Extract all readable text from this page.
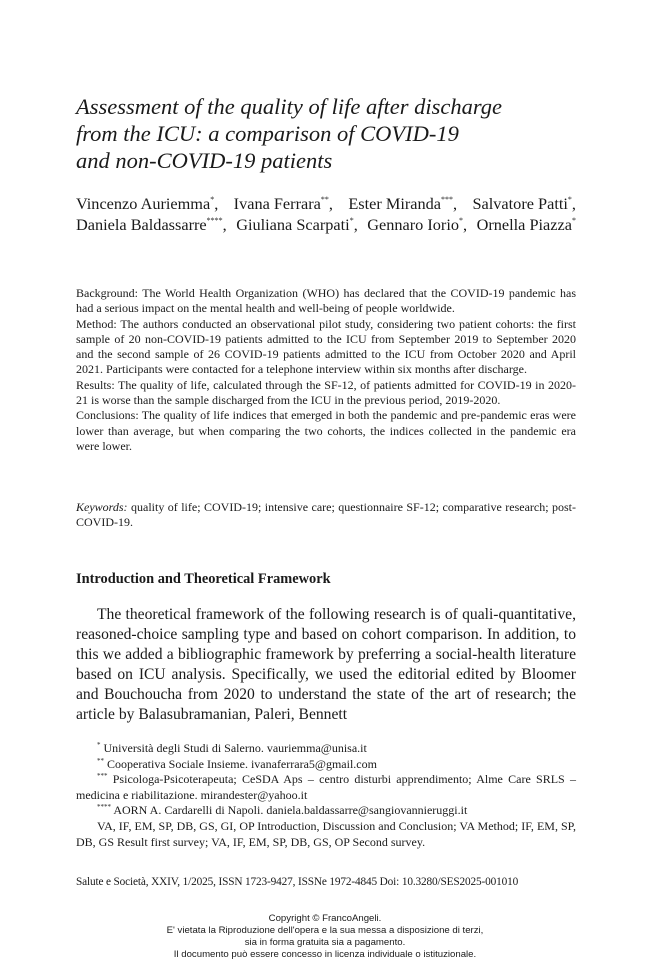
Assessment of the quality of life after discharge
from the ICU: a comparison of COVID-19
and non-COVID-19 patients
Vincenzo Auriemma*, Ivana Ferrara**, Ester Miranda***, Salvatore Patti*,
Daniela Baldassarre****, Giuliana Scarpati*, Gennaro Iorio*, Ornella Piazza*

Background: The World Health Organization (WHO) has declared that the COVID-19 pandemic has had a serious impact on the mental health and well-being of people worldwide.

Method: The authors conducted an observational pilot study, considering two patient cohorts: the first sample of 20 non-COVID-19 patients admitted to the ICU from September 2019 to September 2020 and the second sample of 26 COVID-19 patients admitted to the ICU from October 2020 and April 2021. Participants were contacted for a telephone interview within six months after discharge.

Results: The quality of life, calculated through the SF-12, of patients admitted for COVID-19 in 2020-21 is worse than the sample discharged from the ICU in the previous period, 2019-2020.

Conclusions: The quality of life indices that emerged in both the pandemic and pre-pandemic eras were lower than average, but when comparing the two cohorts, the indices collected in the pandemic era were lower.

Keywords: quality of life; COVID-19; intensive care; questionnaire SF-12; comparative research; post-COVID-19.
Introduction and Theoretical Framework

The theoretical framework of the following research is of quali-quantitative, reasoned-choice sampling type and based on cohort comparison. In addition, to this we added a bibliographic framework by preferring a social-health literature based on ICU analysis. Specifically, we used the editorial edited by Bloomer and Bouchoucha from 2020 to understand the state of the art of research; the article by Balasubramanian, Paleri, Bennett

* Università degli Studi di Salerno. vauriemma@unisa.it

** Cooperativa Sociale Insieme. ivanaferrara5@gmail.com

*** Psicologa-Psicoterapeuta; CeSDA Aps – centro disturbi apprendimento; Alme Care SRLS – medicina e riabilitazione. mirandester@yahoo.it

**** AORN A. Cardarelli di Napoli. daniela.baldassarre@sangiovannieruggi.it

VA, IF, EM, SP, DB, GS, GI, OP Introduction, Discussion and Conclusion; VA Method; IF, EM, SP, DB, GS Result first survey; VA, IF, EM, SP, DB, GS, OP Second survey.

Salute e Società, XXIV, 1/2025, ISSN 1723-9427, ISSNe 1972-4845 Doi: 10.3280/SES2025-001010
Copyright © FrancoAngeli.
E' vietata la Riproduzione dell'opera e la sua messa a disposizione di terzi,
sia in forma gratuita sia a pagamento.
Il documento può essere concesso in licenza individuale o istituzionale.
